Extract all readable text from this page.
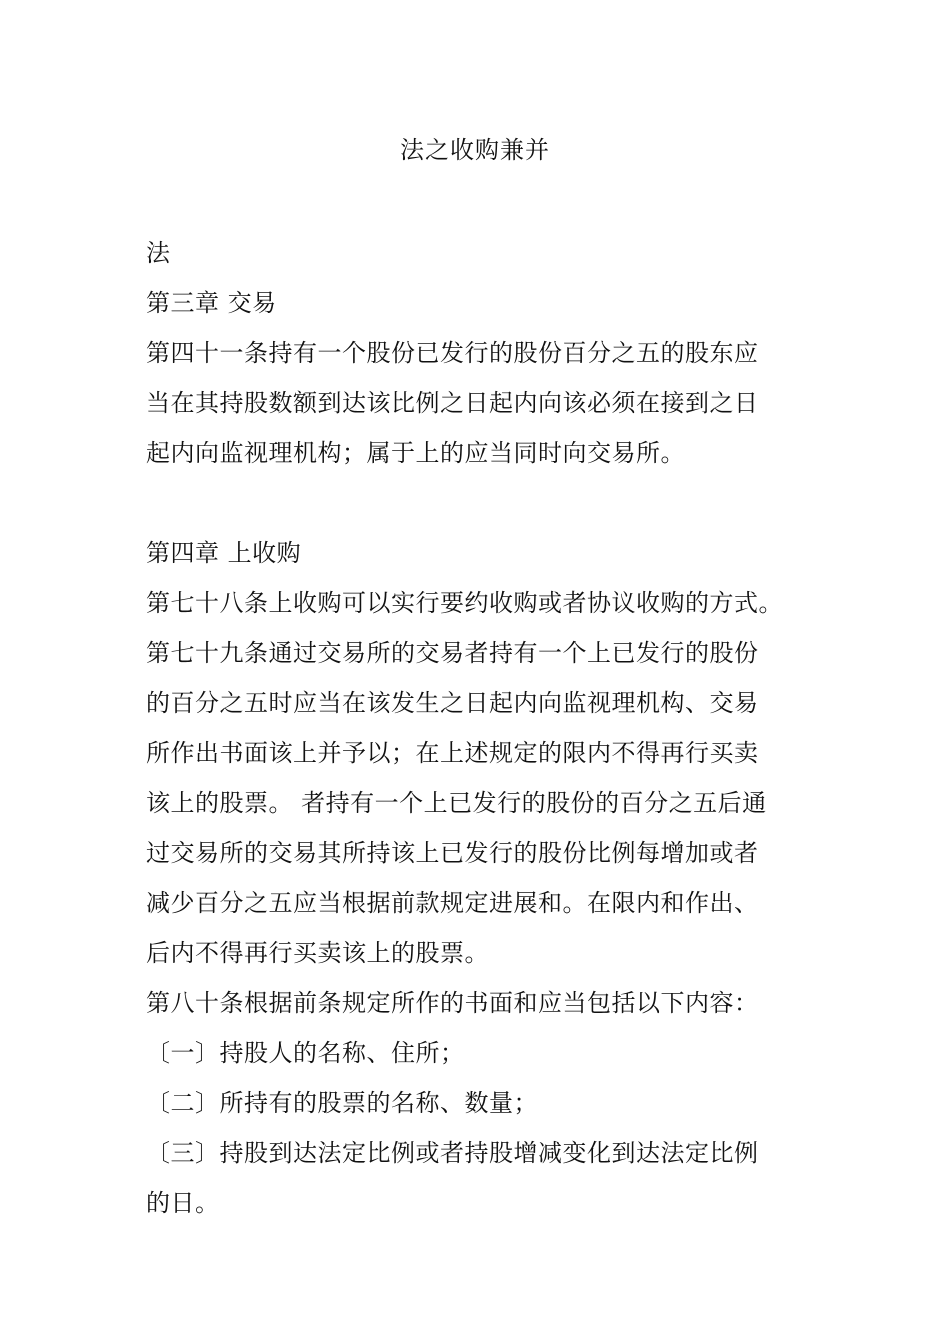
法之收购兼并
法
第三章 交易
第四十一条持有一个股份已发行的股份百分之五的股东应
当在其持股数额到达该比例之日起内向该必须在接到之日
起内向监视理机构；属于上的应当同时向交易所。
第四章 上收购
第七十八条上收购可以实行要约收购或者协议收购的方式。
第七十九条通过交易所的交易者持有一个上已发行的股份
的百分之五时应当在该发生之日起内向监视理机构、交易
所作出书面该上并予以；在上述规定的限内不得再行买卖
该上的股票。 者持有一个上已发行的股份的百分之五后通
过交易所的交易其所持该上已发行的股份比例每增加或者
减少百分之五应当根据前款规定进展和。在限内和作出、
后内不得再行买卖该上的股票。
第八十条根据前条规定所作的书面和应当包括以下内容：
〔一〕持股人的名称、住所；
〔二〕所持有的股票的名称、数量；
〔三〕持股到达法定比例或者持股增减变化到达法定比例
的日。
